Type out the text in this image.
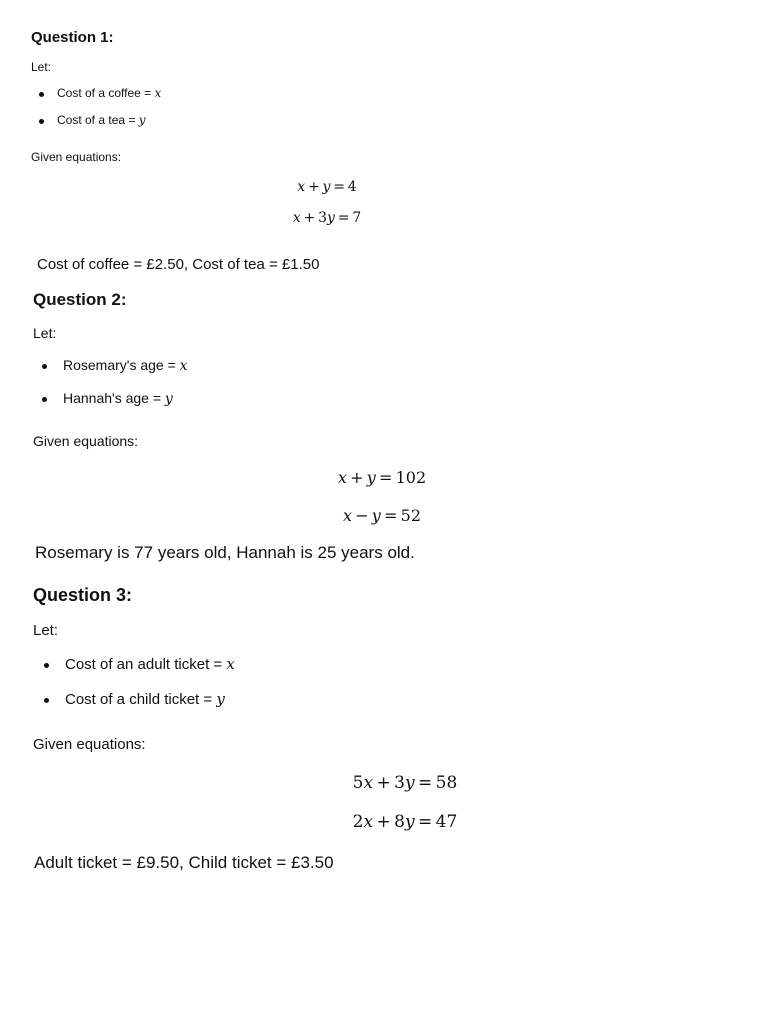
Question 1:
Let:
Cost of a coffee = x
Cost of a tea = y
Given equations:
x  +  y  =  4
x  +  3y  =  7
Cost of coffee = £2.50, Cost of tea = £1.50
Question 2:
Let:
Rosemary's age = x
Hannah's age = y
Given equations:
x  +  y  =  102
x  −  y  =  52
Rosemary is 77 years old, Hannah is 25 years old.
Question 3:
Let:
Cost of an adult ticket = x
Cost of a child ticket = y
Given equations:
5x  +  3y  =  58
2x  +  8y  =  47
Adult ticket = £9.50, Child ticket = £3.50
